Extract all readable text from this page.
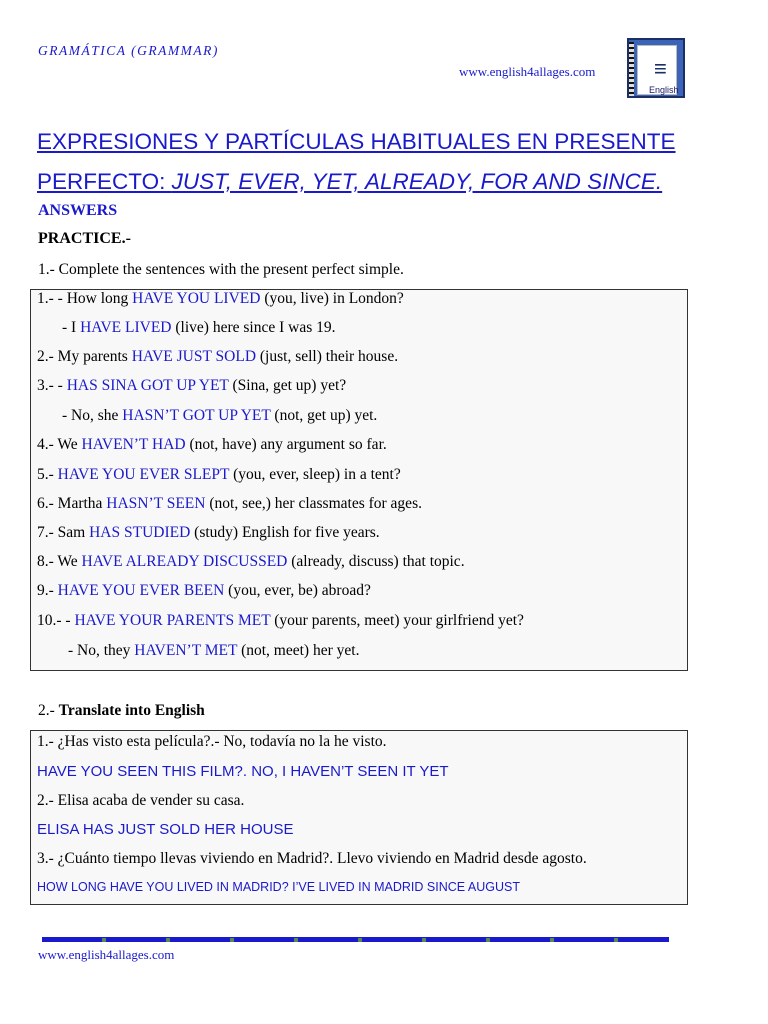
GRAMÁTICA (GRAMMAR)
www.english4allages.com	≡
English
EXPRESIONES Y PARTÍCULAS HABITUALES EN PRESENTE
PERFECTO: JUST, EVER, YET, ALREADY, FOR AND SINCE.
ANSWERS
PRACTICE.-
1.- Complete the sentences with the present perfect simple.
1.- - How long HAVE YOU LIVED (you, live) in London?
- I HAVE LIVED (live) here since I was 19.
2.- My parents HAVE JUST SOLD (just, sell) their house.
3.- - HAS SINA GOT UP YET (Sina, get up) yet?
- No, she HASN’T GOT UP YET (not, get up) yet.
4.- We HAVEN’T HAD (not, have) any argument so far.
5.- HAVE YOU EVER SLEPT (you, ever, sleep) in a tent?
6.- Martha HASN’T SEEN (not, see,) her classmates for ages.
7.- Sam HAS STUDIED (study) English for five years.
8.- We HAVE ALREADY DISCUSSED (already, discuss) that topic.
9.- HAVE YOU EVER BEEN (you, ever, be) abroad?
10.- - HAVE YOUR PARENTS MET (your parents, meet) your girlfriend yet?
- No, they HAVEN’T MET (not, meet) her yet.
2.- Translate into English
1.- ¿Has visto esta película?.- No, todavía no la he visto.
HAVE YOU SEEN THIS FILM?. NO, I HAVEN’T SEEN IT YET
2.- Elisa acaba de vender su casa.
ELISA HAS JUST SOLD HER HOUSE
3.- ¿Cuánto tiempo llevas viviendo en Madrid?. Llevo viviendo en Madrid desde agosto.
HOW LONG HAVE YOU LIVED IN MADRID? I’VE LIVED IN MADRID SINCE AUGUST
www.english4allages.com
